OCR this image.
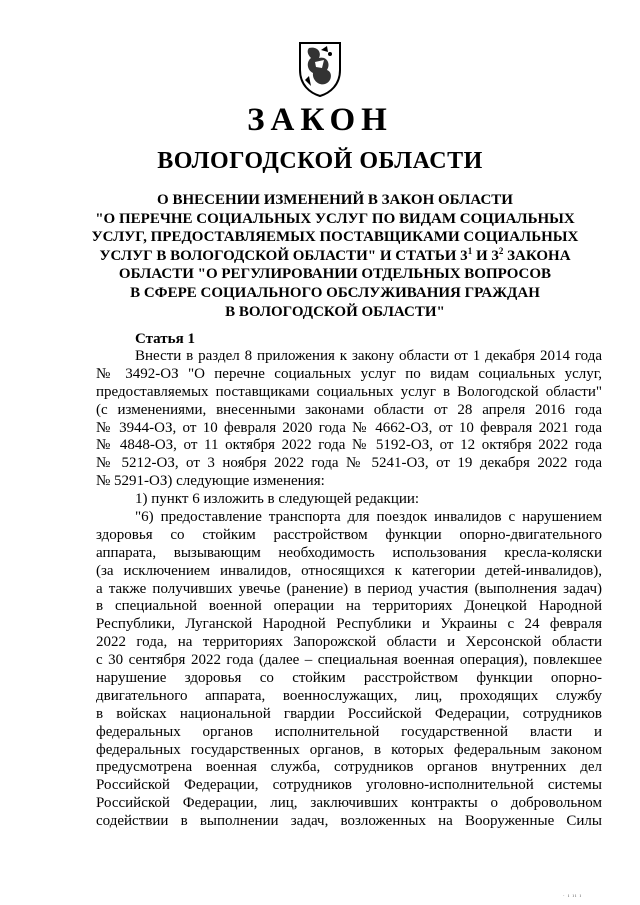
ЗАКОН
ВОЛОГОДСКОЙ ОБЛАСТИ
О ВНЕСЕНИИ ИЗМЕНЕНИЙ В ЗАКОН ОБЛАСТИ
"О ПЕРЕЧНЕ СОЦИАЛЬНЫХ УСЛУГ ПО ВИДАМ СОЦИАЛЬНЫХ
УСЛУГ, ПРЕДОСТАВЛЯЕМЫХ ПОСТАВЩИКАМИ СОЦИАЛЬНЫХ
УСЛУГ В ВОЛОГОДСКОЙ ОБЛАСТИ" И СТАТЬИ $3^1$ И $3^2$ ЗАКОНА
ОБЛАСТИ "О РЕГУЛИРОВАНИИ ОТДЕЛЬНЫХ ВОПРОСОВ
В СФЕРЕ СОЦИАЛЬНОГО ОБСЛУЖИВАНИЯ ГРАЖДАН
В ВОЛОГОДСКОЙ ОБЛАСТИ"
Статья 1
Внести в раздел 8 приложения к закону области от 1 декабря 2014 года
№ 3492-ОЗ "О перечне социальных услуг по видам социальных услуг,
предоставляемых поставщиками социальных услуг в Вологодской области"
(с изменениями, внесенными законами области от 28 апреля 2016 года
№ 3944-ОЗ, от 10 февраля 2020 года № 4662-ОЗ, от 10 февраля 2021 года
№ 4848-ОЗ, от 11 октября 2022 года № 5192-ОЗ, от 12 октября 2022 года
№ 5212-ОЗ, от 3 ноября 2022 года № 5241-ОЗ, от 19 декабря 2022 года
№ 5291-ОЗ) следующие изменения:
1) пункт 6 изложить в следующей редакции:
"6) предоставление транспорта для поездок инвалидов с нарушением
здоровья со стойким расстройством функции опорно-двигательного
аппарата, вызывающим необходимость использования кресла-коляски
(за исключением инвалидов, относящихся к категории детей-инвалидов),
а также получивших увечье (ранение) в период участия (выполнения задач)
в специальной военной операции на территориях Донецкой Народной
Республики, Луганской Народной Республики и Украины с 24 февраля
2022 года, на территориях Запорожской области и Херсонской области
с 30 сентября 2022 года (далее – специальная военная операция), повлекшее
нарушение здоровья со стойким расстройством функции опорно-
двигательного аппарата, военнослужащих, лиц, проходящих службу
в войсках национальной гвардии Российской Федерации, сотрудников
федеральных органов исполнительной государственной власти и
федеральных государственных органов, в которых федеральным законом
предусмотрена военная служба, сотрудников органов внутренних дел
Российской Федерации, сотрудников уголовно-исполнительной системы
Российской Федерации, лиц, заключивших контракты о добровольном
содействии в выполнении задач, возложенных на Вооруженные Силы
· ı ıı ı
